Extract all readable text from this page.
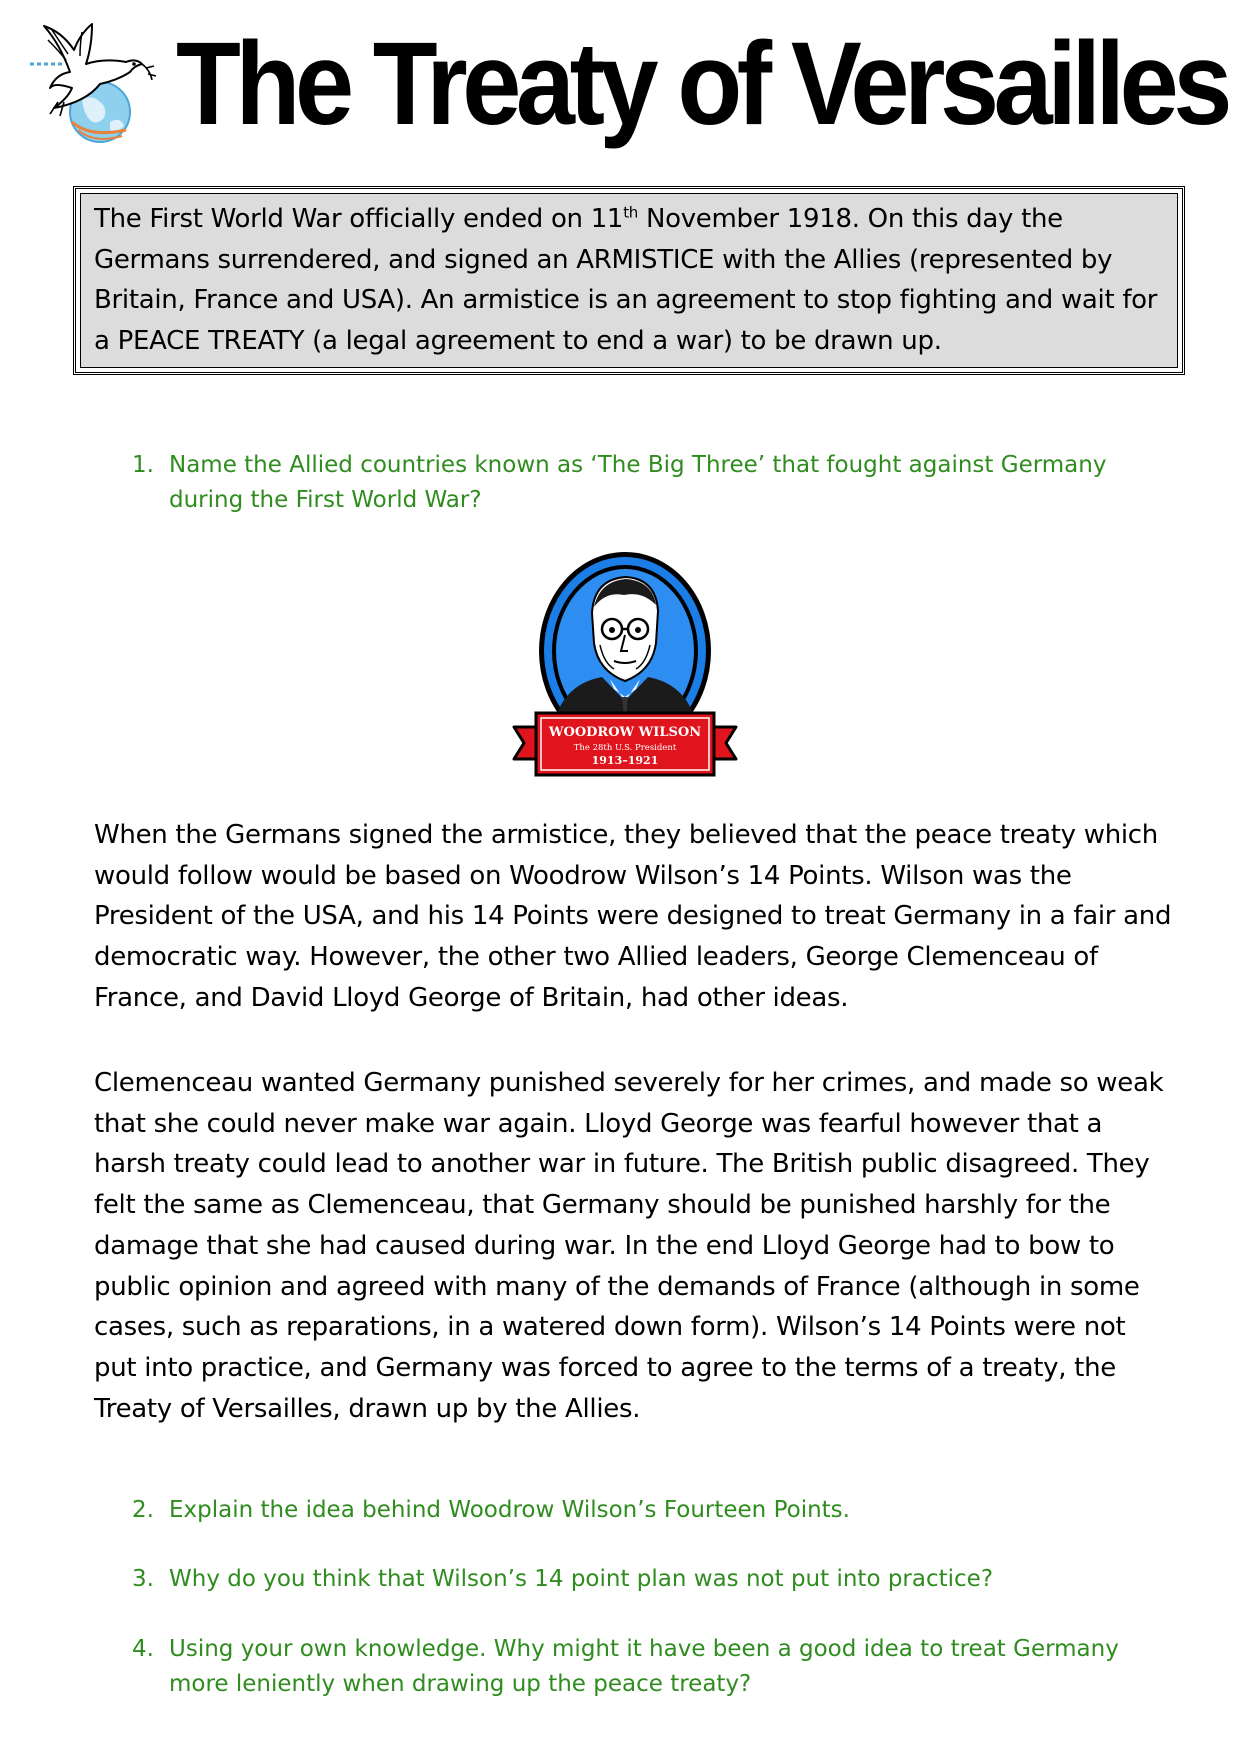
The Treaty of Versailles

The First World War officially ended on 11th November 1918. On this day the Germans surrendered, and signed an ARMISTICE with the Allies (represented by Britain, France and USA). An armistice is an agreement to stop fighting and wait for a PEACE TREATY (a legal agreement to end a war) to be drawn up.

1. Name the Allied countries known as ‘The Big Three’ that fought against Germany during the First World War?
WOODROW WILSON
The 28th U.S. President
1913–1921

When the Germans signed the armistice, they believed that the peace treaty which would follow would be based on Woodrow Wilson’s 14 Points. Wilson was the President of the USA, and his 14 Points were designed to treat Germany in a fair and democratic way. However, the other two Allied leaders, George Clemenceau of France, and David Lloyd George of Britain, had other ideas.

Clemenceau wanted Germany punished severely for her crimes, and made so weak that she could never make war again. Lloyd George was fearful however that a harsh treaty could lead to another war in future. The British public disagreed. They felt the same as Clemenceau, that Germany should be punished harshly for the damage that she had caused during war. In the end Lloyd George had to bow to public opinion and agreed with many of the demands of France (although in some cases, such as reparations, in a watered down form). Wilson’s 14 Points were not put into practice, and Germany was forced to agree to the terms of a treaty, the Treaty of Versailles, drawn up by the Allies.

2. Explain the idea behind Woodrow Wilson’s Fourteen Points.
3. Why do you think that Wilson’s 14 point plan was not put into practice?
4. Using your own knowledge. Why might it have been a good idea to treat Germany more leniently when drawing up the peace treaty?
